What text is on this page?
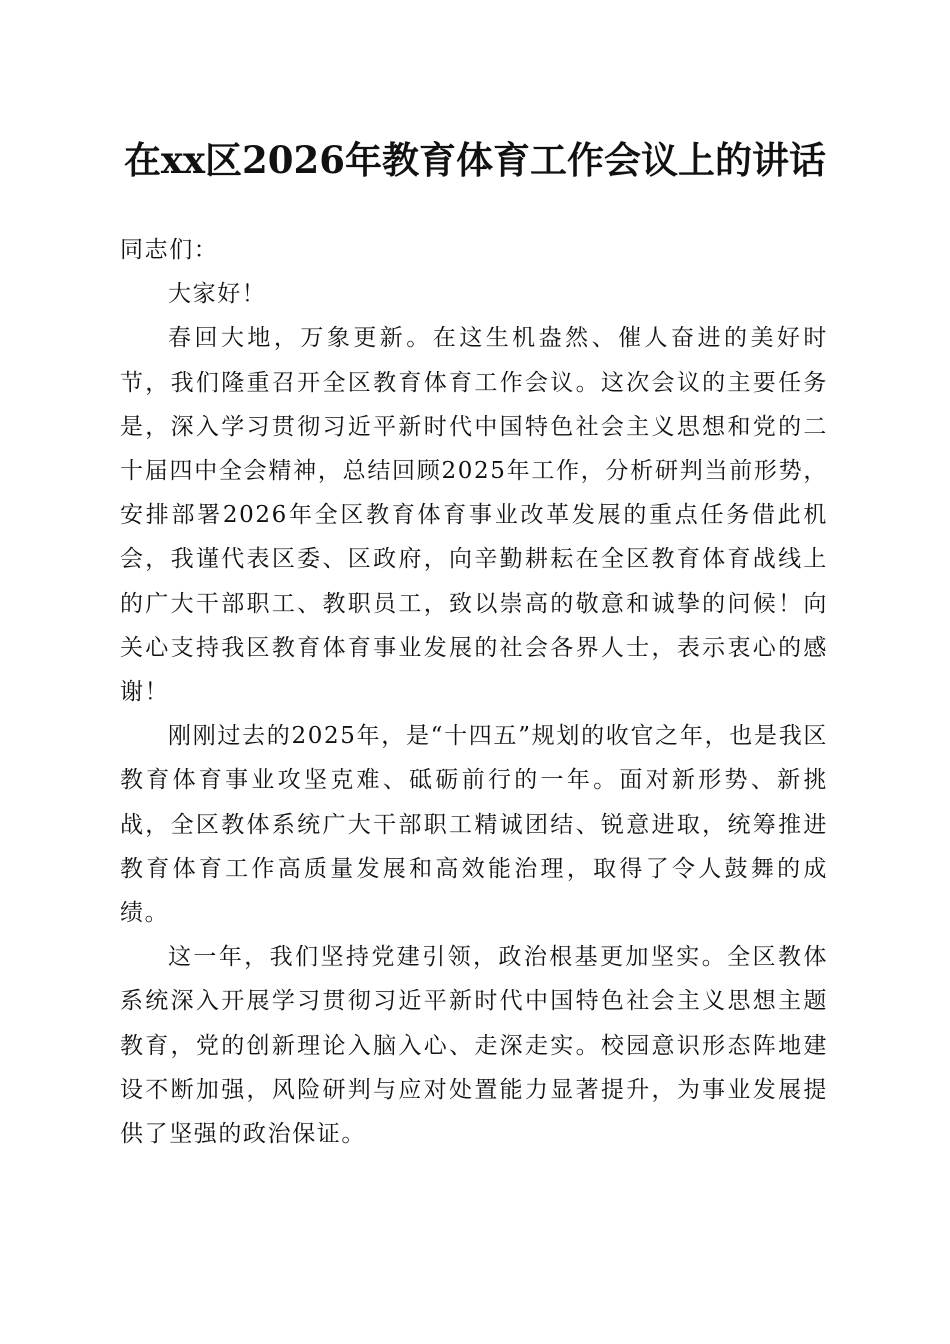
在xx区2026年教育体育工作会议上的讲话

同志们：

大家好！

春回大地，万象更新。在这生机盎然、催人奋进的美好时节，我们隆重召开全区教育体育工作会议。这次会议的主要任务是，深入学习贯彻习近平新时代中国特色社会主义思想和党的二十届四中全会精神，总结回顾2025年工作，分析研判当前形势，安排部署2026年全区教育体育事业改革发展的重点任务借此机会，我谨代表区委、区政府，向辛勤耕耘在全区教育体育战线上的广大干部职工、教职员工，致以崇高的敬意和诚挚的问候！向关心支持我区教育体育事业发展的社会各界人士，表示衷心的感谢！

刚刚过去的2025年，是“十四五”规划的收官之年，也是我区教育体育事业攻坚克难、砥砺前行的一年。面对新形势、新挑战，全区教体系统广大干部职工精诚团结、锐意进取，统筹推进教育体育工作高质量发展和高效能治理，取得了令人鼓舞的成绩。

这一年，我们坚持党建引领，政治根基更加坚实。全区教体系统深入开展学习贯彻习近平新时代中国特色社会主义思想主题教育，党的创新理论入脑入心、走深走实。校园意识形态阵地建设不断加强，风险研判与应对处置能力显著提升，为事业发展提供了坚强的政治保证。
